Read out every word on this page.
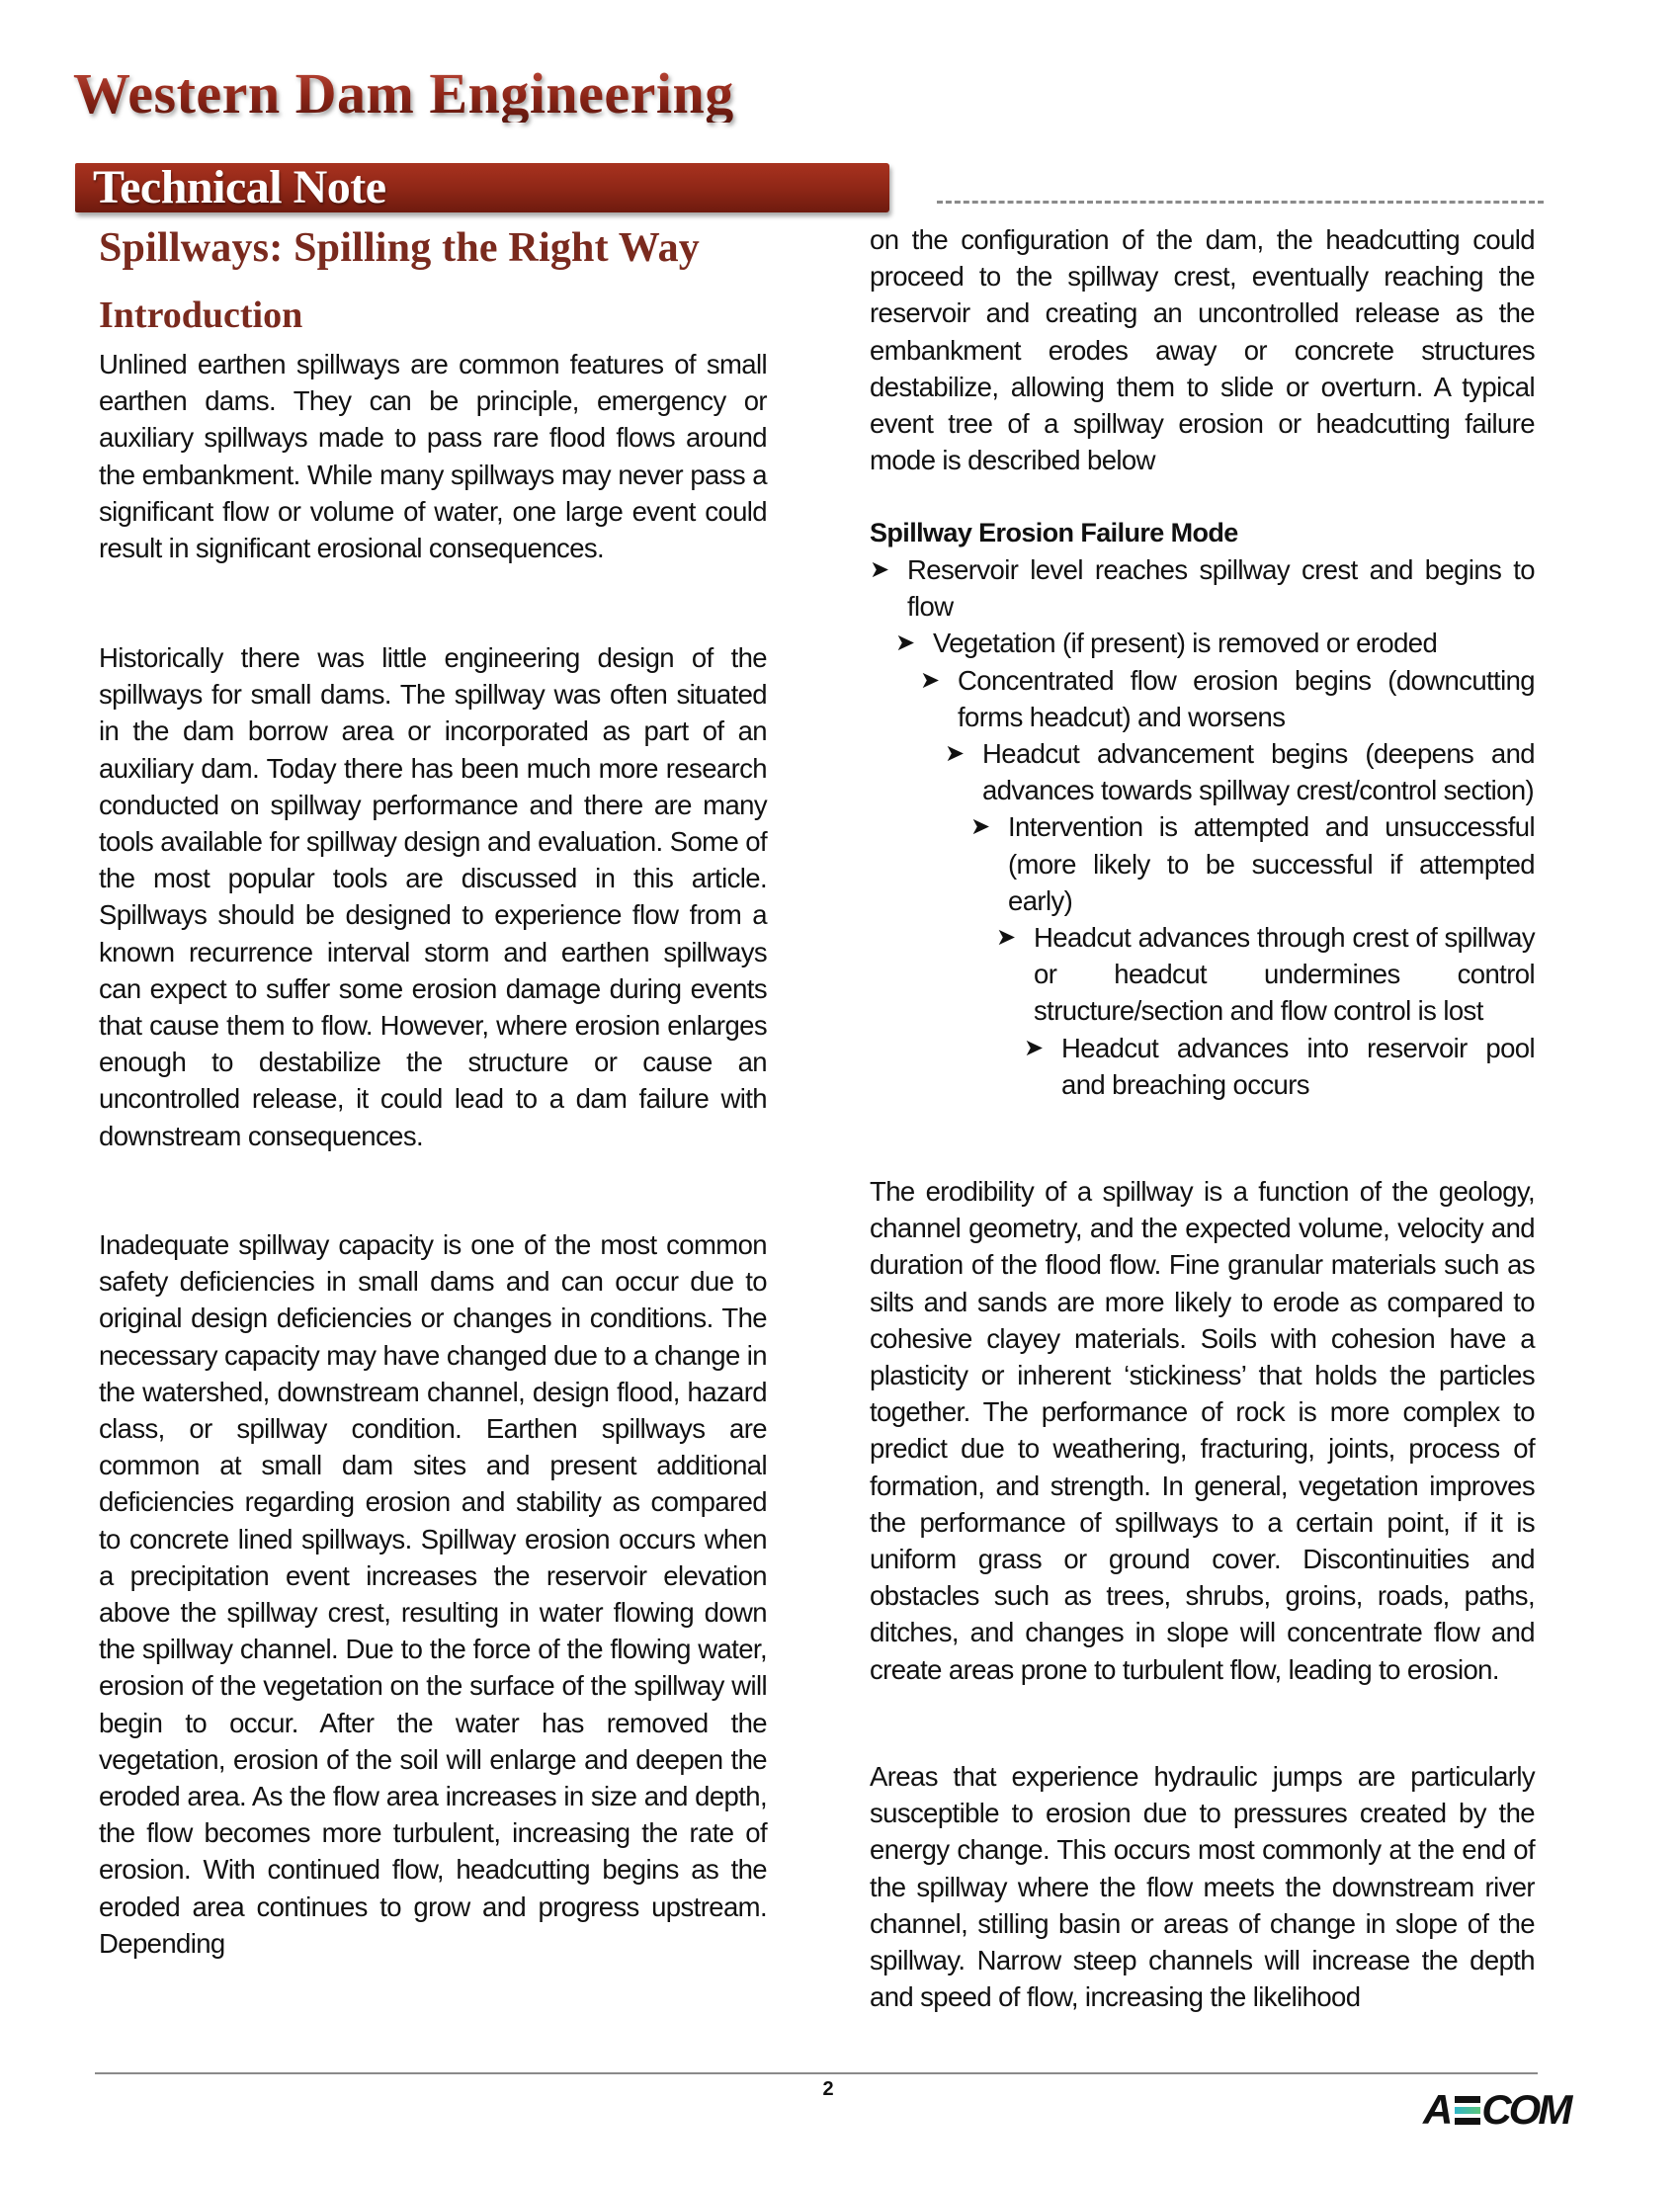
Western Dam Engineering
Technical Note
Spillways: Spilling the Right Way
Introduction

Unlined earthen spillways are common features of small earthen dams. They can be principle, emergency or auxiliary spillways made to pass rare flood flows around the embankment. While many spillways may never pass a significant flow or volume of water, one large event could result in significant erosional consequences.

Historically there was little engineering design of the spillways for small dams. The spillway was often situated in the dam borrow area or incorporated as part of an auxiliary dam. Today there has been much more research conducted on spillway performance and there are many tools available for spillway design and evaluation. Some of the most popular tools are discussed in this article. Spillways should be designed to experience flow from a known recurrence interval storm and earthen spillways can expect to suffer some erosion damage during events that cause them to flow. However, where erosion enlarges enough to destabilize the structure or cause an uncontrolled release, it could lead to a dam failure with downstream consequences.

Inadequate spillway capacity is one of the most common safety deficiencies in small dams and can occur due to original design deficiencies or changes in conditions. The necessary capacity may have changed due to a change in the watershed, downstream channel, design flood, hazard class, or spillway condition. Earthen spillways are common at small dam sites and present additional deficiencies regarding erosion and stability as compared to concrete lined spillways. Spillway erosion occurs when a precipitation event increases the reservoir elevation above the spillway crest, resulting in water flowing down the spillway channel. Due to the force of the flowing water, erosion of the vegetation on the surface of the spillway will begin to occur. After the water has removed the vegetation, erosion of the soil will enlarge and deepen the eroded area. As the flow area increases in size and depth, the flow becomes more turbulent, increasing the rate of erosion. With continued flow, headcutting begins as the eroded area continues to grow and progress upstream. Depending

on the configuration of the dam, the headcutting could proceed to the spillway crest, eventually reaching the reservoir and creating an uncontrolled release as the embankment erodes away or concrete structures destabilize, allowing them to slide or overturn. A typical event tree of a spillway erosion or headcutting failure mode is described below

Spillway Erosion Failure Mode
➤ Reservoir level reaches spillway crest and begins to flow
➤ Vegetation (if present) is removed or eroded
➤ Concentrated flow erosion begins (downcutting forms headcut) and worsens
➤ Headcut advancement begins (deepens and advances towards spillway crest/control section)
➤ Intervention is attempted and unsuccessful (more likely to be successful if attempted early)
➤ Headcut advances through crest of spillway or headcut undermines control structure/section and flow control is lost
➤ Headcut advances into reservoir pool and breaching occurs

The erodibility of a spillway is a function of the geology, channel geometry, and the expected volume, velocity and duration of the flood flow. Fine granular materials such as silts and sands are more likely to erode as compared to cohesive clayey materials. Soils with cohesion have a plasticity or inherent ‘stickiness’ that holds the particles together. The performance of rock is more complex to predict due to weathering, fracturing, joints, process of formation, and strength. In general, vegetation improves the performance of spillways to a certain point, if it is uniform grass or ground cover. Discontinuities and obstacles such as trees, shrubs, groins, roads, paths, ditches, and changes in slope will concentrate flow and create areas prone to turbulent flow, leading to erosion.

Areas that experience hydraulic jumps are particularly susceptible to erosion due to pressures created by the energy change. This occurs most commonly at the end of the spillway where the flow meets the downstream river channel, stilling basin or areas of change in slope of the spillway. Narrow steep channels will increase the depth and speed of flow, increasing the likelihood

2	A COM
